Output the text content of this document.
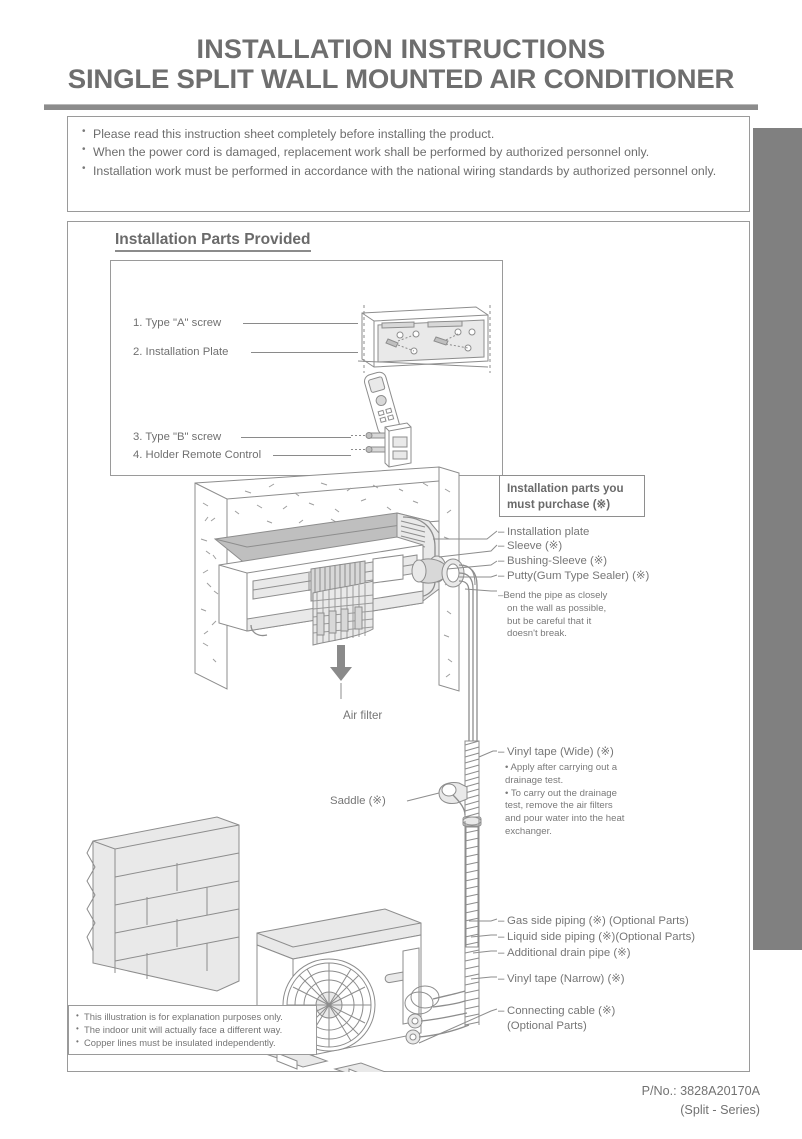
INSTALLATION INSTRUCTIONS
SINGLE SPLIT WALL MOUNTED AIR CONDITIONER
• Please read this instruction sheet completely before installing the product.
• When the power cord is damaged, replacement work shall be performed by authorized personnel only.
• Installation work must be performed in accordance with the national wiring standards by authorized personnel only.
Installation Parts Provided
1. Type "A" screw
2. Installation Plate
3. Type "B" screw
4. Holder Remote Control
Installation parts you
must purchase (※)
– Installation plate
– Sleeve (※)
– Bushing-Sleeve (※)
– Putty(Gum Type Sealer) (※)
–Bend the pipe as closely
on the wall as possible,
but be careful that it
doesn't break.
Air filter
– Vinyl tape (Wide) (※)
• Apply after carrying out a
drainage test.
• To carry out the drainage
test, remove the air filters
and pour water into the heat
exchanger.
Saddle (※)
– Gas side piping (※) (Optional Parts)
– Liquid side piping (※)(Optional Parts)
– Additional drain pipe (※)
– Vinyl tape (Narrow) (※)
– Connecting cable (※)
(Optional Parts)
• This illustration is for explanation purposes only.
• The indoor unit will actually face a different way.
• Copper lines must be insulated independently.
P/No.: 3828A20170A
(Split - Series)
